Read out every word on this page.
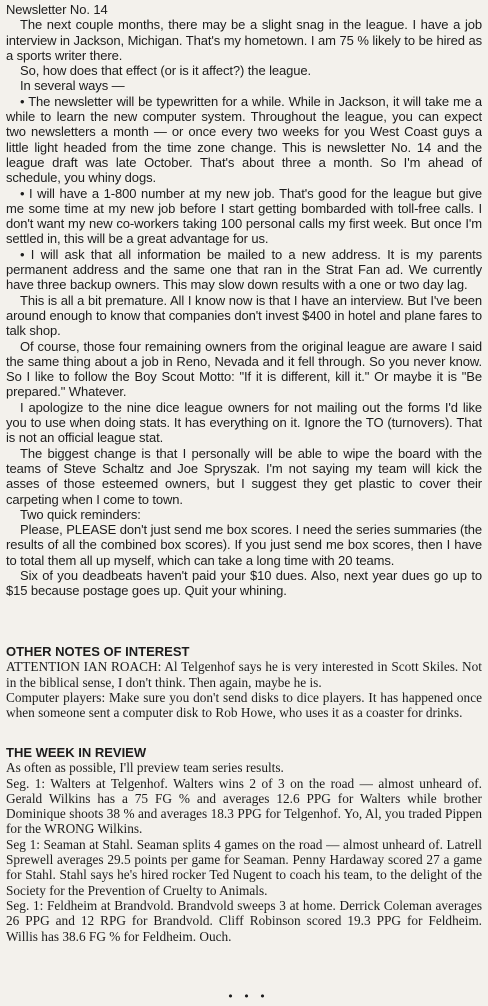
Newsletter No. 14

The next couple months, there may be a slight snag in the league. I have a job interview in Jackson, Michigan. That's my hometown. I am 75 % likely to be hired as a sports writer there.

So, how does that effect (or is it affect?) the league.

In several ways —

• The newsletter will be typewritten for a while. While in Jackson, it will take me a while to learn the new computer system. Throughout the league, you can expect two newsletters a month — or once every two weeks for you West Coast guys a little light headed from the time zone change. This is newsletter No. 14 and the league draft was late October. That's about three a month. So I'm ahead of schedule, you whiny dogs.

• I will have a 1-800 number at my new job. That's good for the league but give me some time at my new job before I start getting bombarded with toll-free calls. I don't want my new co-workers taking 100 personal calls my first week. But once I'm settled in, this will be a great advantage for us.

• I will ask that all information be mailed to a new address. It is my parents permanent address and the same one that ran in the Strat Fan ad. We currently have three backup owners. This may slow down results with a one or two day lag.

This is all a bit premature. All I know now is that I have an interview. But I've been around enough to know that companies don't invest $400 in hotel and plane fares to talk shop.

Of course, those four remaining owners from the original league are aware I said the same thing about a job in Reno, Nevada and it fell through. So you never know. So I like to follow the Boy Scout Motto: "If it is different, kill it." Or maybe it is "Be prepared." Whatever.

I apologize to the nine dice league owners for not mailing out the forms I'd like you to use when doing stats. It has everything on it. Ignore the TO (turnovers). That is not an official league stat.

The biggest change is that I personally will be able to wipe the board with the teams of Steve Schaltz and Joe Spryszak. I'm not saying my team will kick the asses of those esteemed owners, but I suggest they get plastic to cover their carpeting when I come to town.

Two quick reminders:

Please, PLEASE don't just send me box scores. I need the series summaries (the results of all the combined box scores). If you just send me box scores, then I have to total them all up myself, which can take a long time with 20 teams.

Six of you deadbeats haven't paid your $10 dues. Also, next year dues go up to $15 because postage goes up. Quit your whining.

OTHER NOTES OF INTEREST

ATTENTION IAN ROACH: Al Telgenhof says he is very interested in Scott Skiles. Not in the biblical sense, I don't think. Then again, maybe he is.

Computer players: Make sure you don't send disks to dice players. It has happened once when someone sent a computer disk to Rob Howe, who uses it as a coaster for drinks.

THE WEEK IN REVIEW

As often as possible, I'll preview team series results.

Seg. 1: Walters at Telgenhof. Walters wins 2 of 3 on the road — almost unheard of. Gerald Wilkins has a 75 FG % and averages 12.6 PPG for Walters while brother Dominique shoots 38 % and averages 18.3 PPG for Telgenhof. Yo, Al, you traded Pippen for the WRONG Wilkins.

Seg 1: Seaman at Stahl. Seaman splits 4 games on the road — almost unheard of. Latrell Sprewell averages 29.5 points per game for Seaman. Penny Hardaway scored 27 a game for Stahl. Stahl says he's hired rocker Ted Nugent to coach his team, to the delight of the Society for the Prevention of Cruelty to Animals.

Seg. 1: Feldheim at Brandvold. Brandvold sweeps 3 at home. Derrick Coleman averages 26 PPG and 12 RPG for Brandvold. Cliff Robinson scored 19.3 PPG for Feldheim. Willis has 38.6 FG % for Feldheim. Ouch.

• • •
